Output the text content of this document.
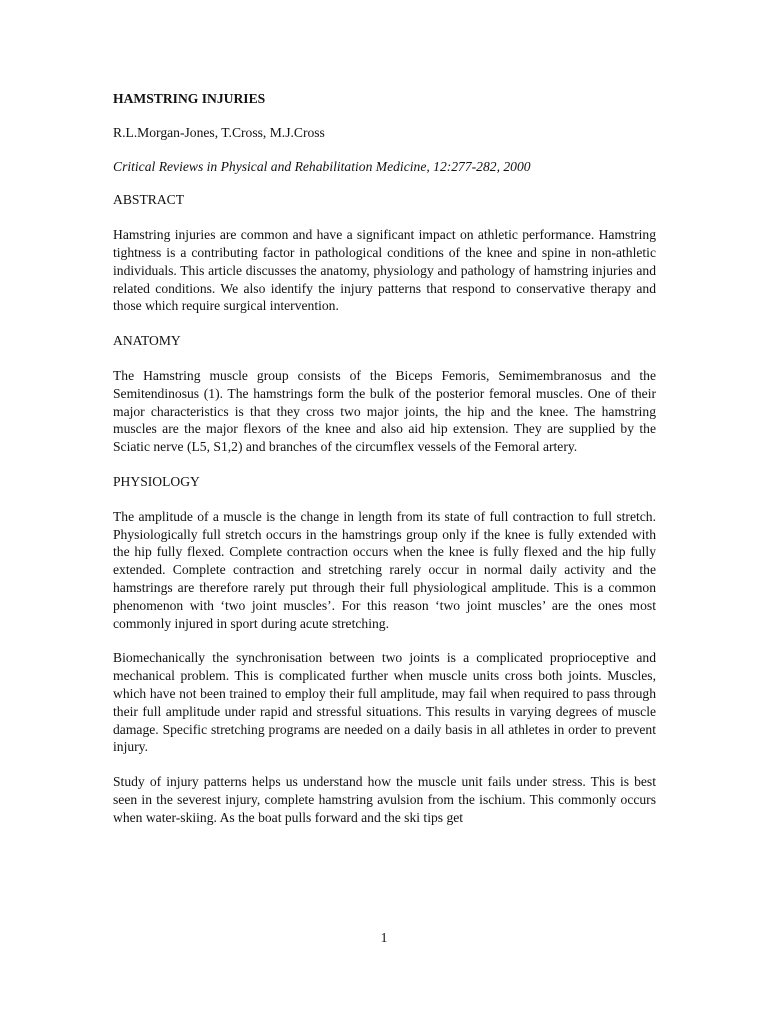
HAMSTRING INJURIES
R.L.Morgan-Jones, T.Cross, M.J.Cross
Critical Reviews in Physical and Rehabilitation Medicine, 12:277-282, 2000
ABSTRACT
Hamstring injuries are common and have a significant impact on athletic performance. Hamstring tightness is a contributing factor in pathological conditions of the knee and spine in non-athletic individuals. This article discusses the anatomy, physiology and pathology of hamstring injuries and related conditions. We also identify the injury patterns that respond to conservative therapy and those which require surgical intervention.
ANATOMY
The Hamstring muscle group consists of the Biceps Femoris, Semimembranosus and the Semitendinosus (1). The hamstrings form the bulk of the posterior femoral muscles. One of their major characteristics is that they cross two major joints, the hip and the knee. The hamstring muscles are the major flexors of the knee and also aid hip extension. They are supplied by the Sciatic nerve (L5, S1,2) and branches of the circumflex vessels of the Femoral artery.
PHYSIOLOGY
The amplitude of a muscle is the change in length from its state of full contraction to full stretch. Physiologically full stretch occurs in the hamstrings group only if the knee is fully extended with the hip fully flexed. Complete contraction occurs when the knee is fully flexed and the hip fully extended. Complete contraction and stretching rarely occur in normal daily activity and the hamstrings are therefore rarely put through their full physiological amplitude. This is a common phenomenon with ‘two joint muscles’. For this reason ‘two joint muscles’ are the ones most commonly injured in sport during acute stretching.
Biomechanically the synchronisation between two joints is a complicated proprioceptive and mechanical problem. This is complicated further when muscle units cross both joints. Muscles, which have not been trained to employ their full amplitude, may fail when required to pass through their full amplitude under rapid and stressful situations. This results in varying degrees of muscle damage. Specific stretching programs are needed on a daily basis in all athletes in order to prevent injury.
Study of injury patterns helps us understand how the muscle unit fails under stress. This is best seen in the severest injury, complete hamstring avulsion from the ischium. This commonly occurs when water-skiing. As the boat pulls forward and the ski tips get
1
